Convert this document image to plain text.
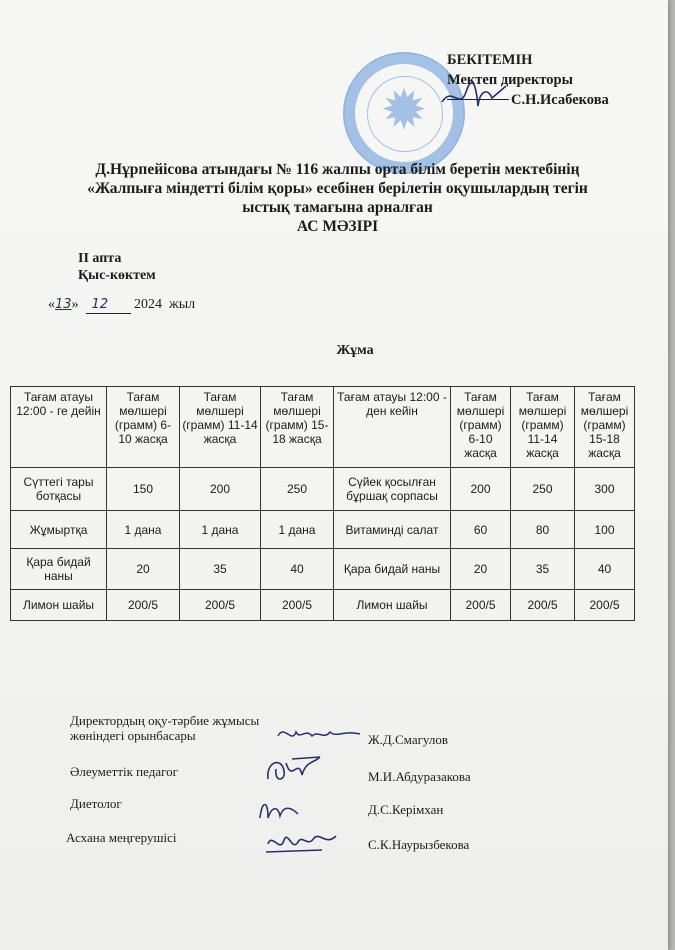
✹
БЕКІТЕМІН
Мектеп директоры
С.Н.Исабекова
Д.Нұрпейісова атындағы № 116 жалпы орта білім беретін мектебінің
«Жалпыға міндетті білім қоры» есебінен берілетін оқушылардың тегін
ыстық тамағына арналған
АС МӘЗІРІ
II апта
Қыс-көктем
«13» 12 2024 жыл
Жұма
Тағам атауы 12:00 - ге дейін	Тағам мөлшері (грамм) 6-10 жасқа	Тағам мөлшері (грамм) 11-14 жасқа	Тағам мөлшері (грамм) 15-18 жасқа	Тағам атауы 12:00 - ден кейін	Тағам мөлшері (грамм) 6-10 жасқа	Тағам мөлшері (грамм) 11-14 жасқа	Тағам мөлшері (грамм) 15-18 жасқа
Сүттегі тары ботқасы	150	200	250	Сүйек қосылған бұршақ сорпасы	200	250	300
Жұмыртқа	1 дана	1 дана	1 дана	Витаминді салат	60	80	100
Қара бидай наны	20	35	40	Қара бидай наны	20	35	40
Лимон шайы	200/5	200/5	200/5	Лимон шайы	200/5	200/5	200/5
Директордың оқу-тәрбие жұмысы
жөніндегі орынбасары	Ж.Д.Смагулов
Әлеуметтік педагог	М.И.Абдуразакова
Диетолог	Д.С.Керімхан
Асхана меңгерушісі	С.К.Наурызбекова
